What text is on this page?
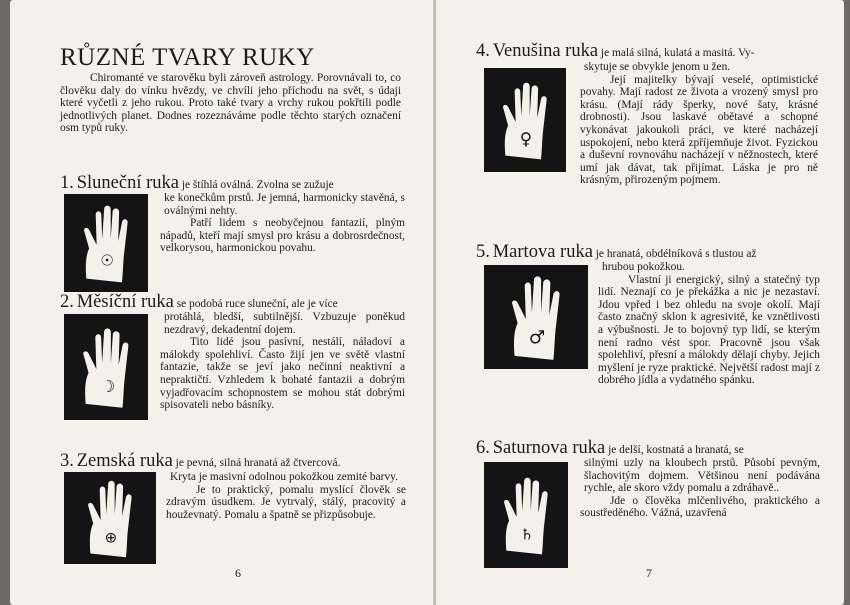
RŮZNÉ TVARY RUKY

Chiromanté ve starověku byli zároveň astrology. Porovnávali to, co člověku daly do vínku hvězdy, ve chvíli jeho příchodu na svět, s údaji které vyčetli z jeho rukou. Proto také tvary a vrchy rukou pokřtili podle jednotlivých planet. Dodnes rozeznáváme podle těchto starých označení osm typů ruky.

1. Sluneční ruka je štíhlá oválná. Zvolna se zužuje
☉
ke konečkům prstů. Je jemná, harmonicky stavěná, s oválnými nehty.
Patří lidem s neobyčejnou fantazií, plným nápadů, kteří mají smysl pro krásu a dobrosrdečnost, velkorysou, harmonickou povahu.
2. Měsíční ruka se podobá ruce sluneční, ale je více
☽
protáhlá, bledší, subtilnější. Vzbuzuje poněkud nezdravý, dekadentní dojem.
Tito lidé jsou pasívní, nestálí, náladoví a málokdy spolehliví. Často žijí jen ve světě vlastní fantazie, takže se jeví jako nečinní neaktivní a nepraktičtí. Vzhledem k bohaté fantazii a dobrým vyjadřovacím schopnostem se mohou stát dobrými spisovateli nebo básníky.
3. Zemská ruka je pevná, silná hranatá až čtvercová.
⊕
Kryta je masivní odolnou pokožkou zemité barvy.
Je to praktický, pomalu myslící člověk se zdravým úsudkem. Je vytrvalý, stálý, pracovitý a houževnatý. Pomalu a špatně se přizpůsobuje.
6
4. Venušina ruka je malá silná, kulatá a masitá. Vy-
♀
skytuje se obvykle jenom u žen.
Její majitelky bývají veselé, optimistické povahy. Mají radost ze života a vrozený smysl pro krásu. (Mají rády šperky, nové šaty, krásné drobnosti). Jsou laskavé obětavé a schopné vykonávat jakoukoli práci, ve které nacházejí uspokojení, nebo která zpříjemňuje život. Fyzickou a duševní rovnováhu nacházejí v něžnostech, které umí jak dávat, tak přijímat. Láska je pro ně krásným, přirozeným pojmem.
5. Martova ruka je hranatá, obdélníková s tlustou až
♂
hrubou pokožkou.
Vlastní ji energický, silný a statečný typ lidí. Neznají co je překážka a nic je nezastaví. Jdou vpřed i bez ohledu na svoje okolí. Mají často značný sklon k agresivitě, ke vznětlivosti a výbušnosti. Je to bojovný typ lidí, se kterým není radno vést spor. Pracovně jsou však spolehliví, přesní a málokdy dělají chyby. Jejich myšlení je ryze praktické. Největší radost mají z dobrého jídla a vydatného spánku.
6. Saturnova ruka je delší, kostnatá a hranatá, se
♄
silnými uzly na kloubech prstů. Působí pevným, šlachovitým dojmem. Většinou není podávána rychle, ale skoro vždy pomalu a zdráhavě..
Jde o člověka mlčenlivého, praktického a soustředěného. Vážná, uzavřená
7
